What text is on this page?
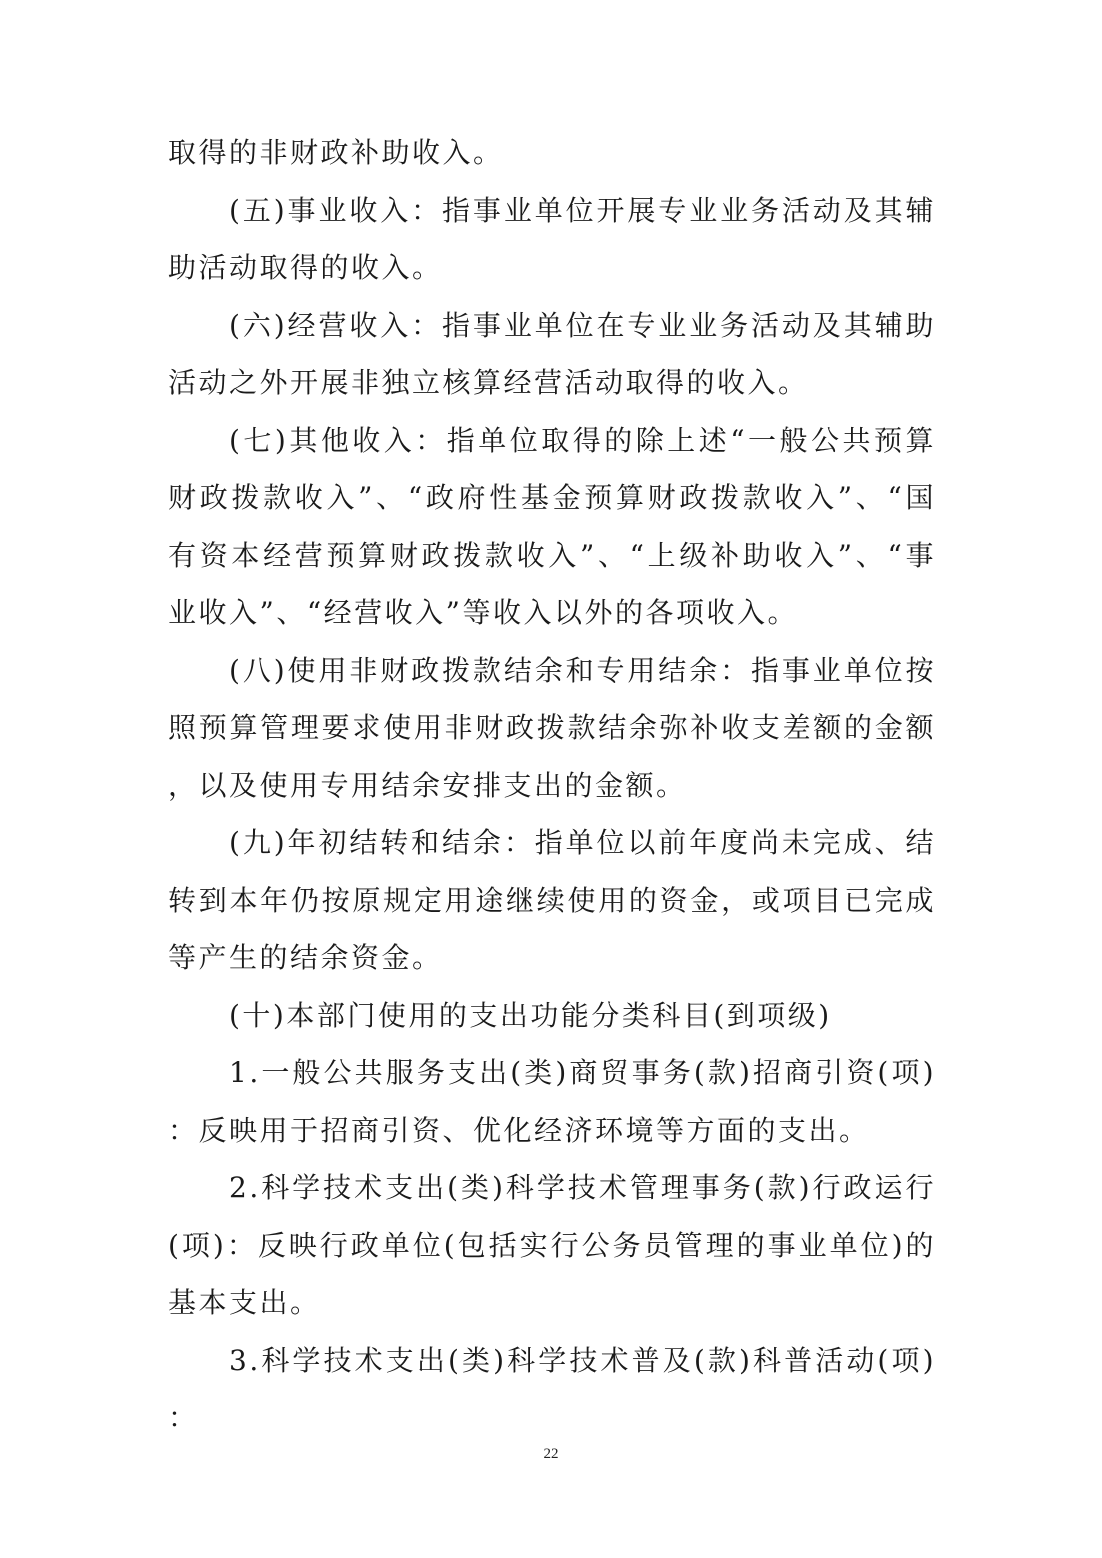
取得的非财政补助收入。

(五)事业收入：指事业单位开展专业业务活动及其辅助活动取得的收入。

(六)经营收入：指事业单位在专业业务活动及其辅助活动之外开展非独立核算经营活动取得的收入。

(七)其他收入：指单位取得的除上述“一般公共预算财政拨款收入”、“政府性基金预算财政拨款收入”、“国有资本经营预算财政拨款收入”、“上级补助收入”、“事业收入”、“经营收入”等收入以外的各项收入。

(八)使用非财政拨款结余和专用结余：指事业单位按照预算管理要求使用非财政拨款结余弥补收支差额的金额，以及使用专用结余安排支出的金额。

(九)年初结转和结余：指单位以前年度尚未完成、结转到本年仍按原规定用途继续使用的资金，或项目已完成等产生的结余资金。

(十)本部门使用的支出功能分类科目(到项级)

1.一般公共服务支出(类)商贸事务(款)招商引资(项)：反映用于招商引资、优化经济环境等方面的支出。

2.科学技术支出(类)科学技术管理事务(款)行政运行(项)：反映行政单位(包括实行公务员管理的事业单位)的基本支出。

3.科学技术支出(类)科学技术普及(款)科普活动(项)：

22
